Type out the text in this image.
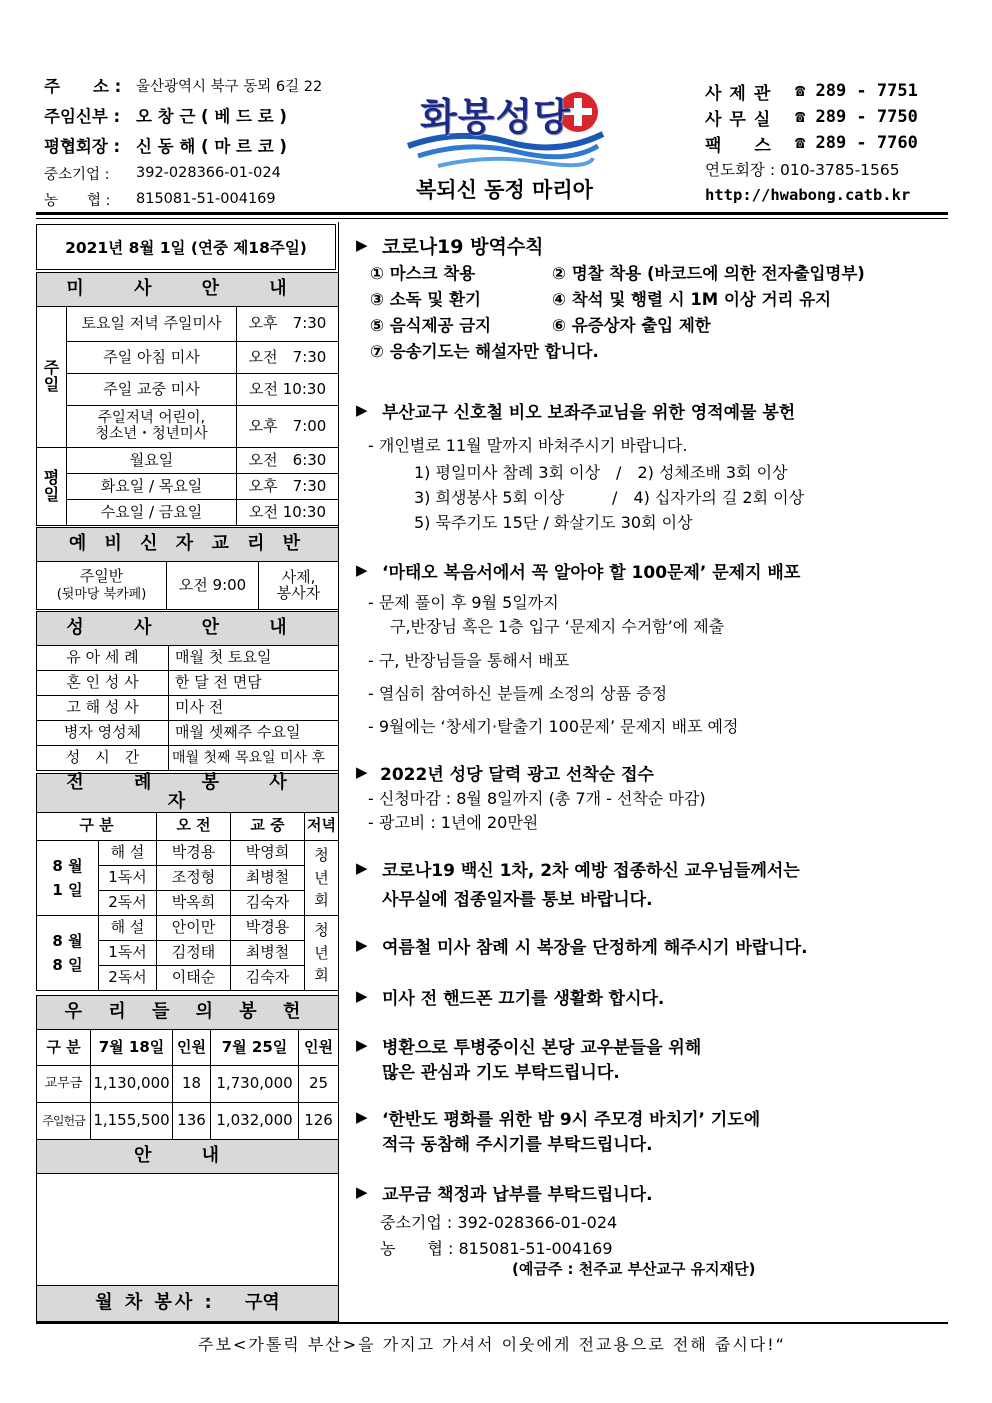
주　　소 :	울산광역시 북구 동뫼 6길 22
주임신부 : 오 창 근 ( 베 드 로 )
평협회장 : 신 동 해 ( 마 르 코 )
중소기업 :	392-028366-01-024
농　　협 :	815081-51-004169
화봉성당
복되신 동정 마리아
사제관 ☎ 289 - 7751
사무실 ☎ 289 - 7750
팩　스 ☎ 289 - 7760
연도회장 : 010-3785-1565
http://hwabong.catb.kr
2021년 8월 1일 (연중 제18주일)
미 사 안 내		
주일	토요일 저녁 주일미사	오후　7:30
	주일 아침 미사	오전　7:30
	주일 교중 미사	오전 10:30
	주일저녁 어린이,
청소년・청년미사	오후　7:00
평일	월요일	오전　6:30
	화요일 / 목요일	오후　7:30
	수요일 / 금요일	오전 10:30
예 비 신 자 교 리 반

주일반
(뒷마당 북카페)
	오전 9:00	사제,
봉사자
성 사 안 내	
유 아 세 례	매월 첫 토요일
혼 인 성 사	한 달 전 면담
고 해 성 사	미사 전
병자 영성체	매월 셋째주 수요일
성　시　간	매월 첫째 목요일 미사 후
전 례 봉 사 자				
구 분		오 전	교 중	저녁
8 월
1 일	해 설	박경용	박영희	청
년
회
	1독서	조정형	최병철	
	2독서	박옥희	김숙자	
8 월
8 일	해 설	안이만	박경용	청
년
회
	1독서	김정태	최병철	
	2독서	이태순	김숙자	
우 리 들 의 봉 헌				
구 분	7월 18일	인원	7월 25일	인원
교무금	1,130,000	18	1,730,000	25
주일헌금	1,155,500	136	1,032,000	126
안 내				

월 차 봉사 : 구역				
▶ 코로나19 방역수칙
① 마스크 착용	② 명찰 착용 (바코드에 의한 전자출입명부)
③ 소독 및 환기	④ 착석 및 행렬 시 1M 이상 거리 유지
⑤ 음식제공 금지	⑥ 유증상자 출입 제한
⑦ 응송기도는 해설자만 합니다.
▶ 부산교구 신호철 비오 보좌주교님을 위한 영적예물 봉헌
- 개인별로 11월 말까지 바쳐주시기 바랍니다.
1) 평일미사 참례 3회 이상　/　2) 성체조배 3회 이상
3) 희생봉사 5회 이상　　　/　4) 십자가의 길 2회 이상
5) 묵주기도 15단 / 화살기도 30회 이상
▶ ‘마태오 복음서에서 꼭 알아야 할 100문제’ 문제지 배포
- 문제 풀이 후 9월 5일까지
구,반장님 혹은 1층 입구 ‘문제지 수거함’에 제출
- 구, 반장님들을 통해서 배포
- 열심히 참여하신 분들께 소정의 상품 증정
- 9월에는 ‘창세기·탈출기 100문제’ 문제지 배포 예정
▶ 2022년 성당 달력 광고 선착순 접수
- 신청마감 : 8월 8일까지 (총 7개 - 선착순 마감)
- 광고비 : 1년에 20만원
▶ 코로나19 백신 1차, 2차 예방 접종하신 교우님들께서는
사무실에 접종일자를 통보 바랍니다.
▶ 여름철 미사 참례 시 복장을 단정하게 해주시기 바랍니다.
▶ 미사 전 핸드폰 끄기를 생활화 합시다.
▶ 병환으로 투병중이신 본당 교우분들을 위해
많은 관심과 기도 부탁드립니다.
▶ ‘한반도 평화를 위한 밤 9시 주모경 바치기’ 기도에
적극 동참해 주시기를 부탁드립니다.
▶ 교무금 책정과 납부를 부탁드립니다.
중소기업 : 392-028366-01-024
농　　협 : 815081-51-004169
(예금주 : 천주교 부산교구 유지재단)
주보<가톨릭 부산>을 가지고 가셔서 이웃에게 전교용으로 전해 줍시다!“
